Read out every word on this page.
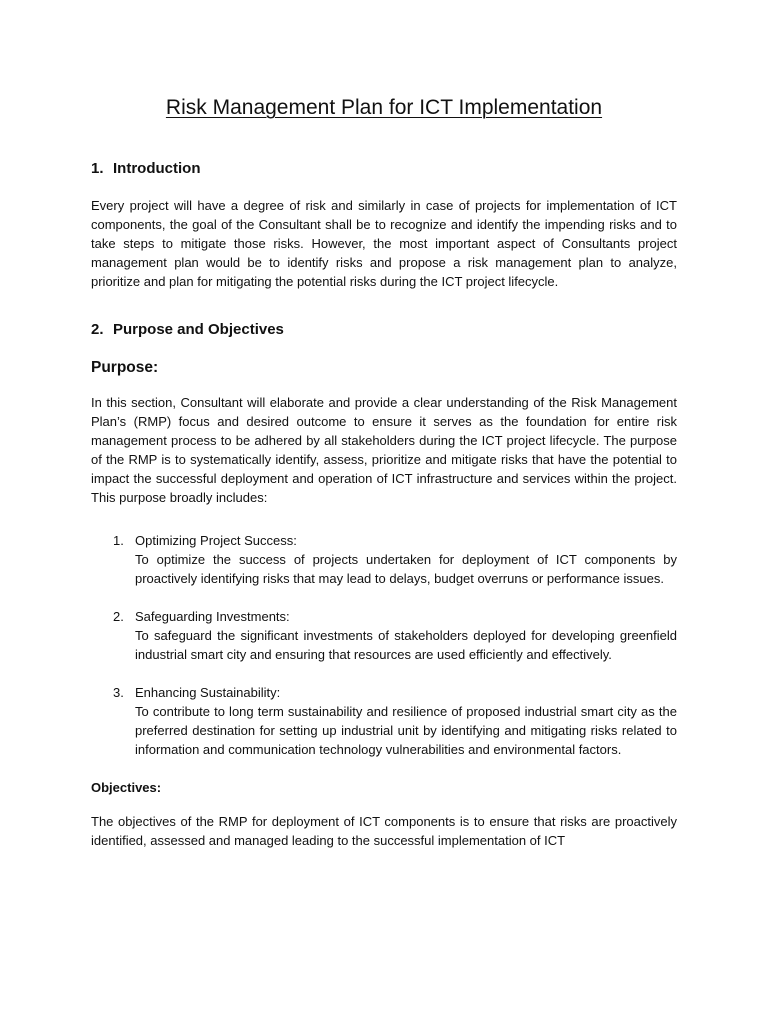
Risk Management Plan for ICT Implementation
1. Introduction

Every project will have a degree of risk and similarly in case of projects for implementation of ICT components, the goal of the Consultant shall be to recognize and identify the impending risks and to take steps to mitigate those risks. However, the most important aspect of Consultants project management plan would be to identify risks and propose a risk management plan to analyze, prioritize and plan for mitigating the potential risks during the ICT project lifecycle.

2. Purpose and Objectives
Purpose:

In this section, Consultant will elaborate and provide a clear understanding of the Risk Management Plan’s (RMP) focus and desired outcome to ensure it serves as the foundation for entire risk management process to be adhered by all stakeholders during the ICT project lifecycle. The purpose of the RMP is to systematically identify, assess, prioritize and mitigate risks that have the potential to impact the successful deployment and operation of ICT infrastructure and services within the project. This purpose broadly includes:

1. Optimizing Project Success:
To optimize the success of projects undertaken for deployment of ICT components by proactively identifying risks that may lead to delays, budget overruns or performance issues.
2. Safeguarding Investments:
To safeguard the significant investments of stakeholders deployed for developing greenfield industrial smart city and ensuring that resources are used efficiently and effectively.
3. Enhancing Sustainability:
To contribute to long term sustainability and resilience of proposed industrial smart city as the preferred destination for setting up industrial unit by identifying and mitigating risks related to information and communication technology vulnerabilities and environmental factors.
Objectives:

The objectives of the RMP for deployment of ICT components is to ensure that risks are proactively identified, assessed and managed leading to the successful implementation of ICT
